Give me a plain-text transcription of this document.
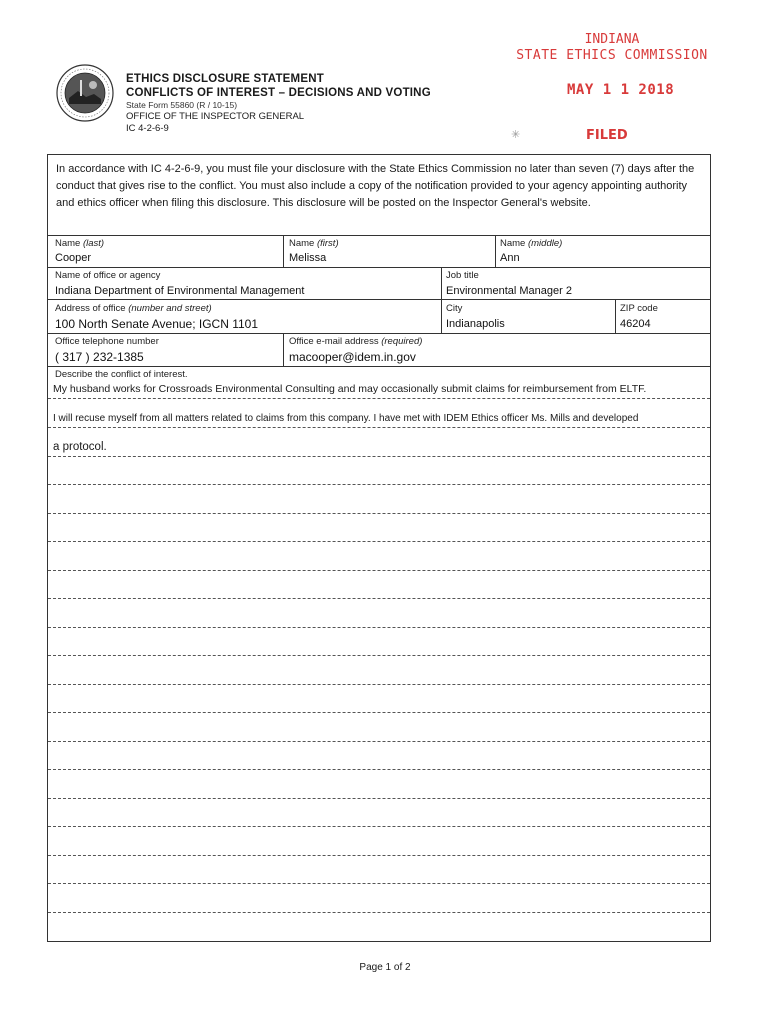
ETHICS DISCLOSURE STATEMENT
CONFLICTS OF INTEREST – DECISIONS AND VOTING
State Form 55860 (R / 10-15)
OFFICE OF THE INSPECTOR GENERAL
IC 4-2-6-9
INDIANA
STATE ETHICS COMMISSION
MAY 1 1 2018
✳	FILED
In accordance with IC 4-2-6-9, you must file your disclosure with the State Ethics Commission no later than seven (7) days after the conduct that gives rise to the conflict. You must also include a copy of the notification provided to your agency appointing authority and ethics officer when filing this disclosure. This disclosure will be posted on the Inspector General's website.
Name (last)
Cooper
Name (first)
Melissa
Name (middle)
Ann
Name of office or agency
Indiana Department of Environmental Management
Job title
Environmental Manager 2
Address of office (number and street)
100 North Senate Avenue; IGCN 1101
City
Indianapolis
ZIP code
46204
Office telephone number
( 317 ) 232-1385
Office e-mail address (required)
macooper@idem.in.gov
Describe the conflict of interest.
My husband works for Crossroads Environmental Consulting and may occasionally submit claims for reimbursement from ELTF.
I will recuse myself from all matters related to claims from this company. I have met with IDEM Ethics officer Ms. Mills and developed
a protocol.
Page 1 of 2
